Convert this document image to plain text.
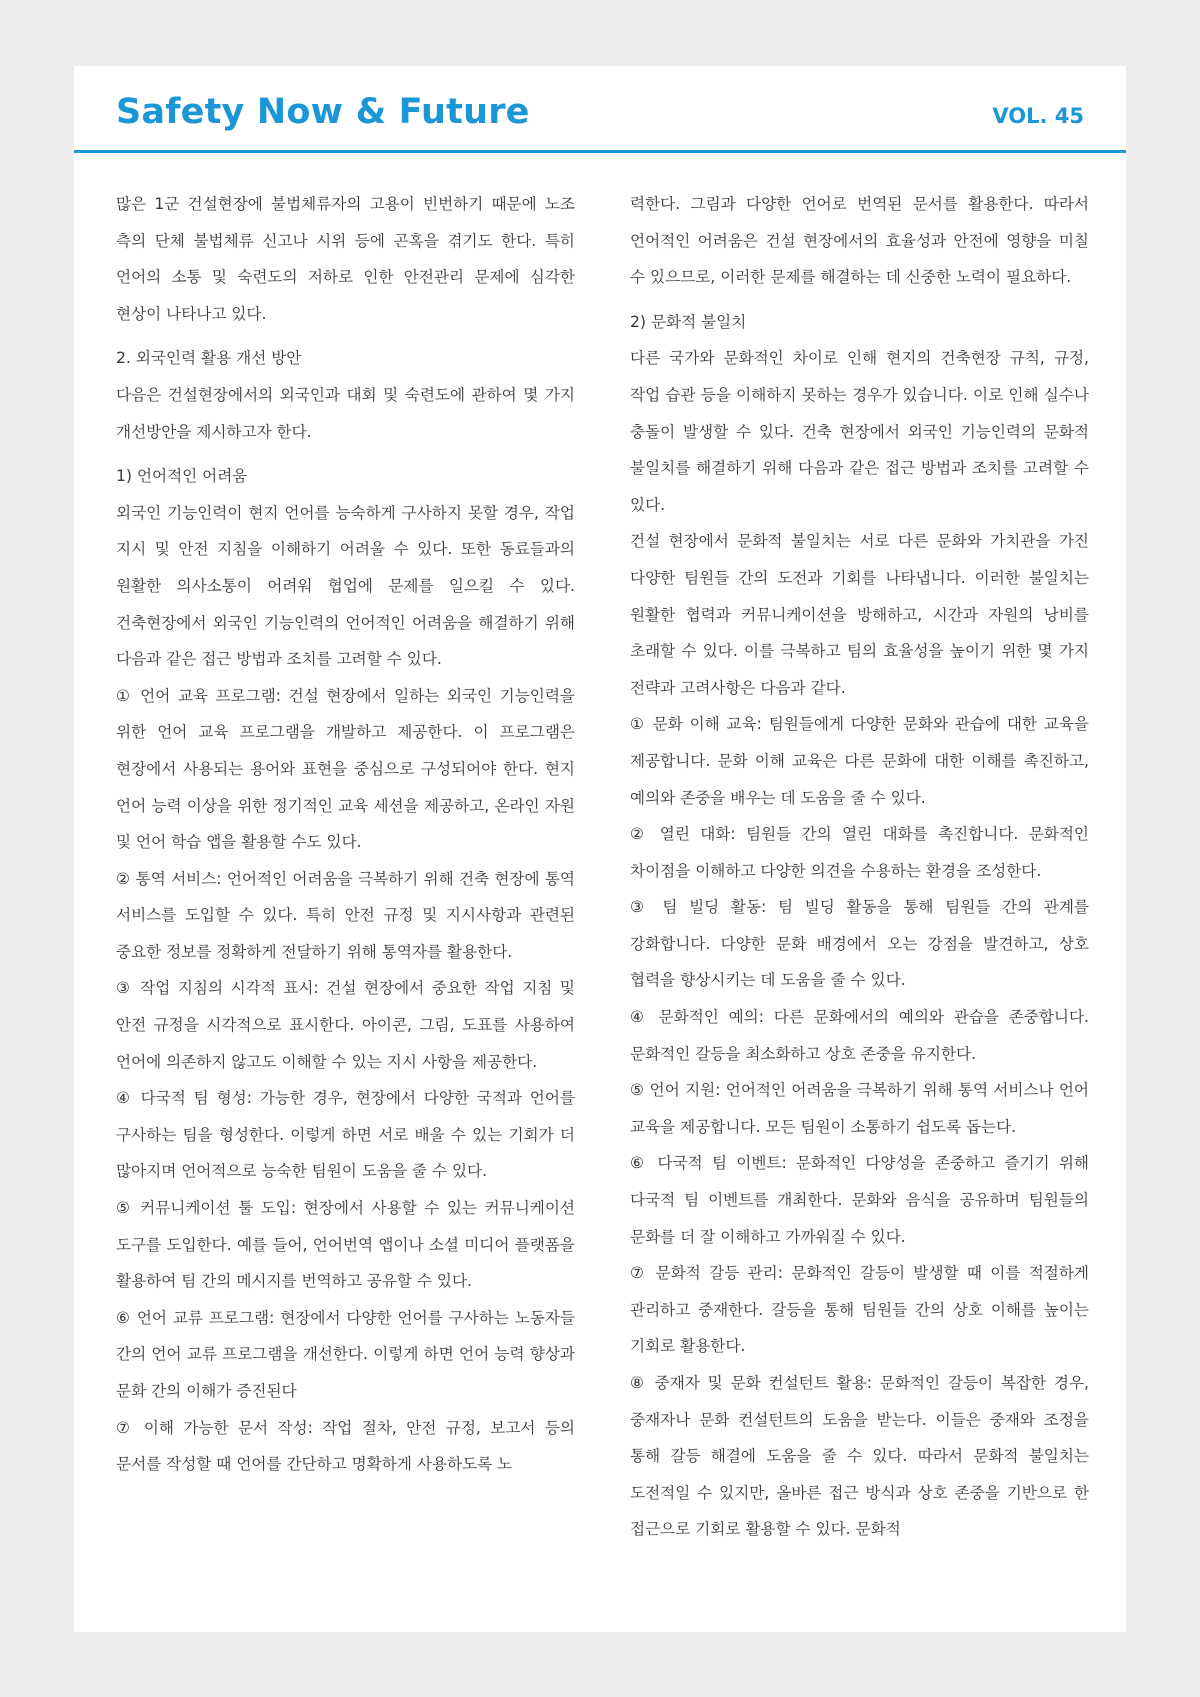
Safety Now & Future	VOL. 45

많은 1군 건설현장에 불법체류자의 고용이 빈번하기 때문에 노조 측의 단체 불법체류 신고나 시위 등에 곤혹을 겪기도 한다. 특히 언어의 소통 및 숙련도의 저하로 인한 안전관리 문제에 심각한 현상이 나타나고 있다.

2. 외국인력 활용 개선 방안

다음은 건설현장에서의 외국인과 대회 및 숙련도에 관하여 몇 가지 개선방안을 제시하고자 한다.

1) 언어적인 어려움

외국인 기능인력이 현지 언어를 능숙하게 구사하지 못할 경우, 작업 지시 및 안전 지침을 이해하기 어려울 수 있다. 또한 동료들과의 원활한 의사소통이 어려워 협업에 문제를 일으킬 수 있다. 건축현장에서 외국인 기능인력의 언어적인 어려움을 해결하기 위해 다음과 같은 접근 방법과 조치를 고려할 수 있다.

① 언어 교육 프로그램: 건설 현장에서 일하는 외국인 기능인력을 위한 언어 교육 프로그램을 개발하고 제공한다. 이 프로그램은 현장에서 사용되는 용어와 표현을 중심으로 구성되어야 한다. 현지 언어 능력 이상을 위한 정기적인 교육 세션을 제공하고, 온라인 자원 및 언어 학습 앱을 활용할 수도 있다.

② 통역 서비스: 언어적인 어려움을 극복하기 위해 건축 현장에 통역 서비스를 도입할 수 있다. 특히 안전 규정 및 지시사항과 관련된 중요한 정보를 정확하게 전달하기 위해 통역자를 활용한다.

③ 작업 지침의 시각적 표시: 건설 현장에서 중요한 작업 지침 및 안전 규정을 시각적으로 표시한다. 아이콘, 그림, 도표를 사용하여 언어에 의존하지 않고도 이해할 수 있는 지시 사항을 제공한다.

④ 다국적 팀 형성: 가능한 경우, 현장에서 다양한 국적과 언어를 구사하는 팀을 형성한다. 이렇게 하면 서로 배울 수 있는 기회가 더 많아지며 언어적으로 능숙한 팀원이 도움을 줄 수 있다.

⑤ 커뮤니케이션 툴 도입: 현장에서 사용할 수 있는 커뮤니케이션 도구를 도입한다. 예를 들어, 언어번역 앱이나 소셜 미디어 플랫폼을 활용하여 팀 간의 메시지를 번역하고 공유할 수 있다.

⑥ 언어 교류 프로그램: 현장에서 다양한 언어를 구사하는 노동자들 간의 언어 교류 프로그램을 개선한다. 이렇게 하면 언어 능력 향상과 문화 간의 이해가 증진된다

⑦ 이해 가능한 문서 작성: 작업 절차, 안전 규정, 보고서 등의 문서를 작성할 때 언어를 간단하고 명확하게 사용하도록 노

력한다. 그림과 다양한 언어로 번역된 문서를 활용한다. 따라서 언어적인 어려움은 건설 현장에서의 효율성과 안전에 영향을 미칠 수 있으므로, 이러한 문제를 해결하는 데 신중한 노력이 필요하다.

2) 문화적 불일치

다른 국가와 문화적인 차이로 인해 현지의 건축현장 규칙, 규정, 작업 습관 등을 이해하지 못하는 경우가 있습니다. 이로 인해 실수나 충돌이 발생할 수 있다. 건축 현장에서 외국인 기능인력의 문화적 불일치를 해결하기 위해 다음과 같은 접근 방법과 조치를 고려할 수 있다.

건설 현장에서 문화적 불일치는 서로 다른 문화와 가치관을 가진 다양한 팀원들 간의 도전과 기회를 나타냅니다. 이러한 불일치는 원활한 협력과 커뮤니케이션을 방해하고, 시간과 자원의 낭비를 초래할 수 있다. 이를 극복하고 팀의 효율성을 높이기 위한 몇 가지 전략과 고려사항은 다음과 같다.

① 문화 이해 교육: 팀원들에게 다양한 문화와 관습에 대한 교육을 제공합니다. 문화 이해 교육은 다른 문화에 대한 이해를 촉진하고, 예의와 존중을 배우는 데 도움을 줄 수 있다.

② 열린 대화: 팀원들 간의 열린 대화를 촉진합니다. 문화적인 차이점을 이해하고 다양한 의견을 수용하는 환경을 조성한다.

③ 팀 빌딩 활동: 팀 빌딩 활동을 통해 팀원들 간의 관계를 강화합니다. 다양한 문화 배경에서 오는 강점을 발견하고, 상호 협력을 향상시키는 데 도움을 줄 수 있다.

④ 문화적인 예의: 다른 문화에서의 예의와 관습을 존중합니다. 문화적인 갈등을 최소화하고 상호 존중을 유지한다.

⑤ 언어 지원: 언어적인 어려움을 극복하기 위해 통역 서비스나 언어 교육을 제공합니다. 모든 팀원이 소통하기 쉽도록 돕는다.

⑥ 다국적 팀 이벤트: 문화적인 다양성을 존중하고 즐기기 위해 다국적 팀 이벤트를 개최한다. 문화와 음식을 공유하며 팀원들의 문화를 더 잘 이해하고 가까워질 수 있다.

⑦ 문화적 갈등 관리: 문화적인 갈등이 발생할 때 이를 적절하게 관리하고 중재한다. 갈등을 통해 팀원들 간의 상호 이해를 높이는 기회로 활용한다.

⑧ 중재자 및 문화 컨설턴트 활용: 문화적인 갈등이 복잡한 경우, 중재자나 문화 컨설턴트의 도움을 받는다. 이들은 중재와 조정을 통해 갈등 해결에 도움을 줄 수 있다. 따라서 문화적 불일치는 도전적일 수 있지만, 올바른 접근 방식과 상호 존중을 기반으로 한 접근으로 기회로 활용할 수 있다. 문화적
